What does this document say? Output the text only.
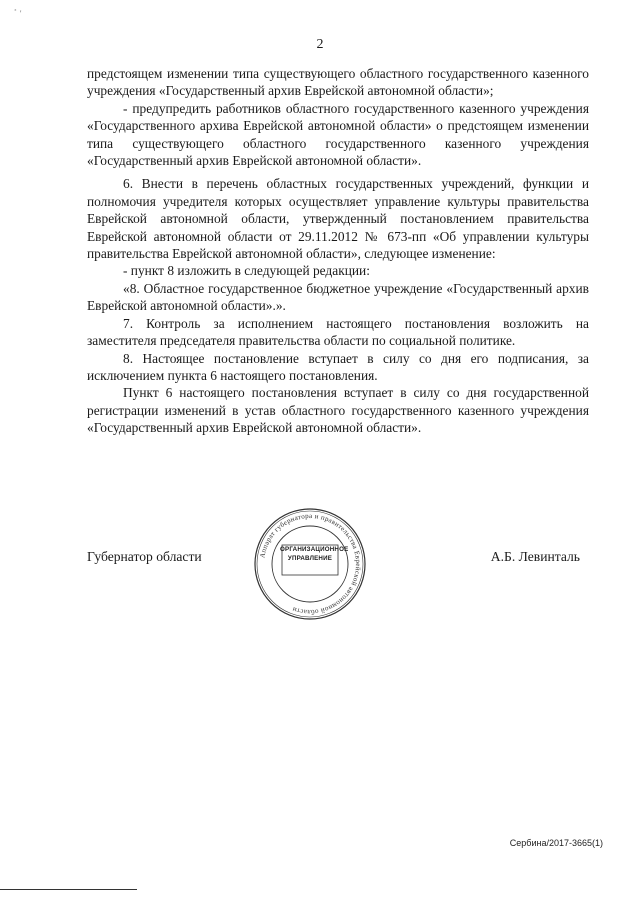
ﾞ '
2

предстоящем изменении типа существующего областного государственного казенного учреждения «Государственный архив Еврейской автономной области»;

- предупредить работников областного государственного казенного учреждения «Государственного архива Еврейской автономной области» о предстоящем изменении типа существующего областного государственного казенного учреждения «Государственный архив Еврейской автономной области».

6. Внести в перечень областных государственных учреждений, функции и полномочия учредителя которых осуществляет управление культуры правительства Еврейской автономной области, утвержденный постановлением правительства Еврейской автономной области от 29.11.2012 № 673-пп «Об управлении культуры правительства Еврейской автономной области», следующее изменение:

- пункт 8 изложить в следующей редакции:

«8. Областное государственное бюджетное учреждение «Государственный архив Еврейской автономной области».».

7. Контроль за исполнением настоящего постановления возложить на заместителя председателя правительства области по социальной политике.

8. Настоящее постановление вступает в силу со дня его подписания, за исключением пункта 6 настоящего постановления.

Пункт 6 настоящего постановления вступает в силу со дня государственной регистрации изменений в устав областного государственного казенного учреждения «Государственный архив Еврейской автономной области».

Губернатор области	А.Б. Левинталь
Аппарат губернатора и правительства Еврейской автономной области
ОРГАНИЗАЦИОННОЕ
УПРАВЛЕНИЕ
Сербина/2017-3665(1)
